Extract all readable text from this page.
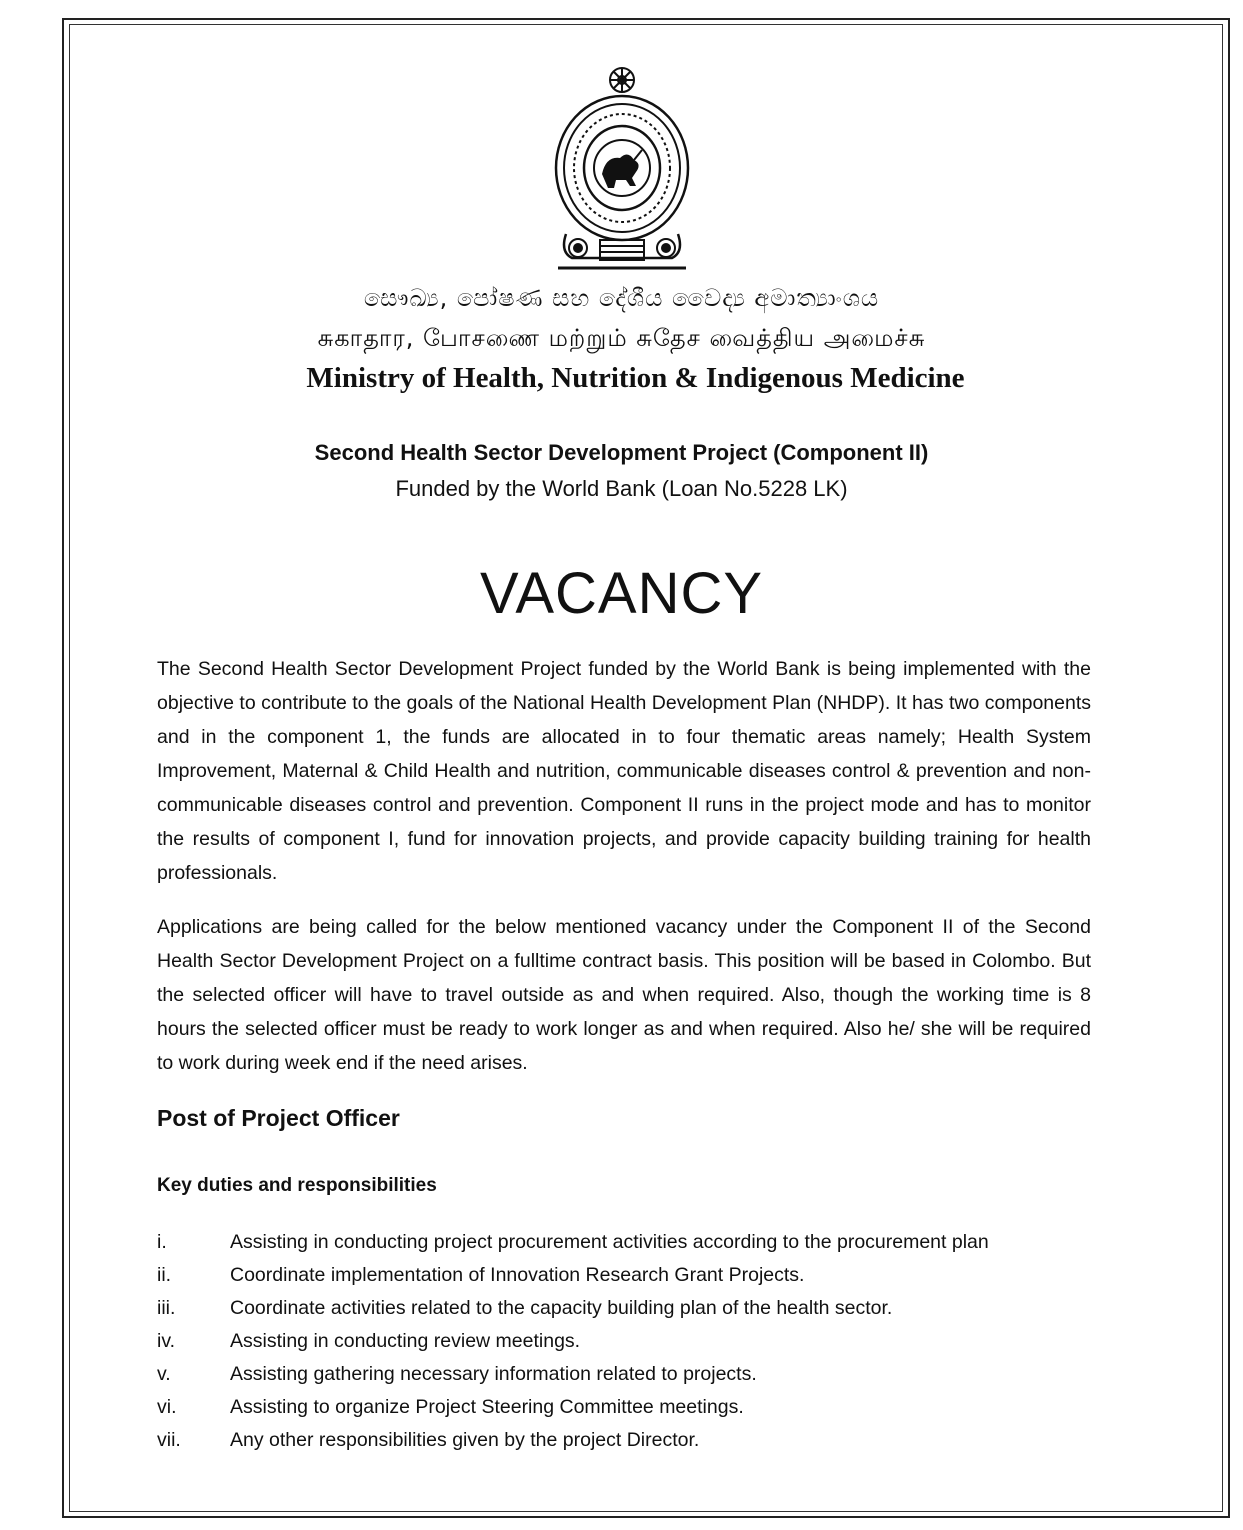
සෞඛ්‍ය, පෝෂණ සහ දේශීය වෛද්‍ය අමාත්‍යාංශය
சுகாதார, போசணை மற்றும் சுதேச வைத்திய அமைச்சு
Ministry of Health, Nutrition & Indigenous Medicine
Second Health Sector Development Project (Component II)
Funded by the World Bank (Loan No.5228 LK)
VACANCY

The Second Health Sector Development Project funded by the World Bank is being implemented with the objective to contribute to the goals of the National Health Development Plan (NHDP). It has two components and in the component 1, the funds are allocated in to four thematic areas namely; Health System Improvement, Maternal & Child Health and nutrition, communicable diseases control & prevention and non-communicable diseases control and prevention. Component II runs in the project mode and has to monitor the results of component I, fund for innovation projects, and provide capacity building training for health professionals.

Applications are being called for the below mentioned vacancy under the Component II of the Second Health Sector Development Project on a fulltime contract basis. This position will be based in Colombo. But the selected officer will have to travel outside as and when required. Also, though the working time is 8 hours the selected officer must be ready to work longer as and when required. Also he/ she will be required to work during week end if the need arises.

Post of Project Officer
Key duties and responsibilities
i.	Assisting in conducting project procurement activities according to the procurement plan
ii.	Coordinate implementation of Innovation Research Grant Projects.
iii.	Coordinate activities related to the capacity building plan of the health sector.
iv.	Assisting in conducting review meetings.
v.	Assisting gathering necessary information related to projects.
vi.	Assisting to organize Project Steering Committee meetings.
vii.	Any other responsibilities given by the project Director.
